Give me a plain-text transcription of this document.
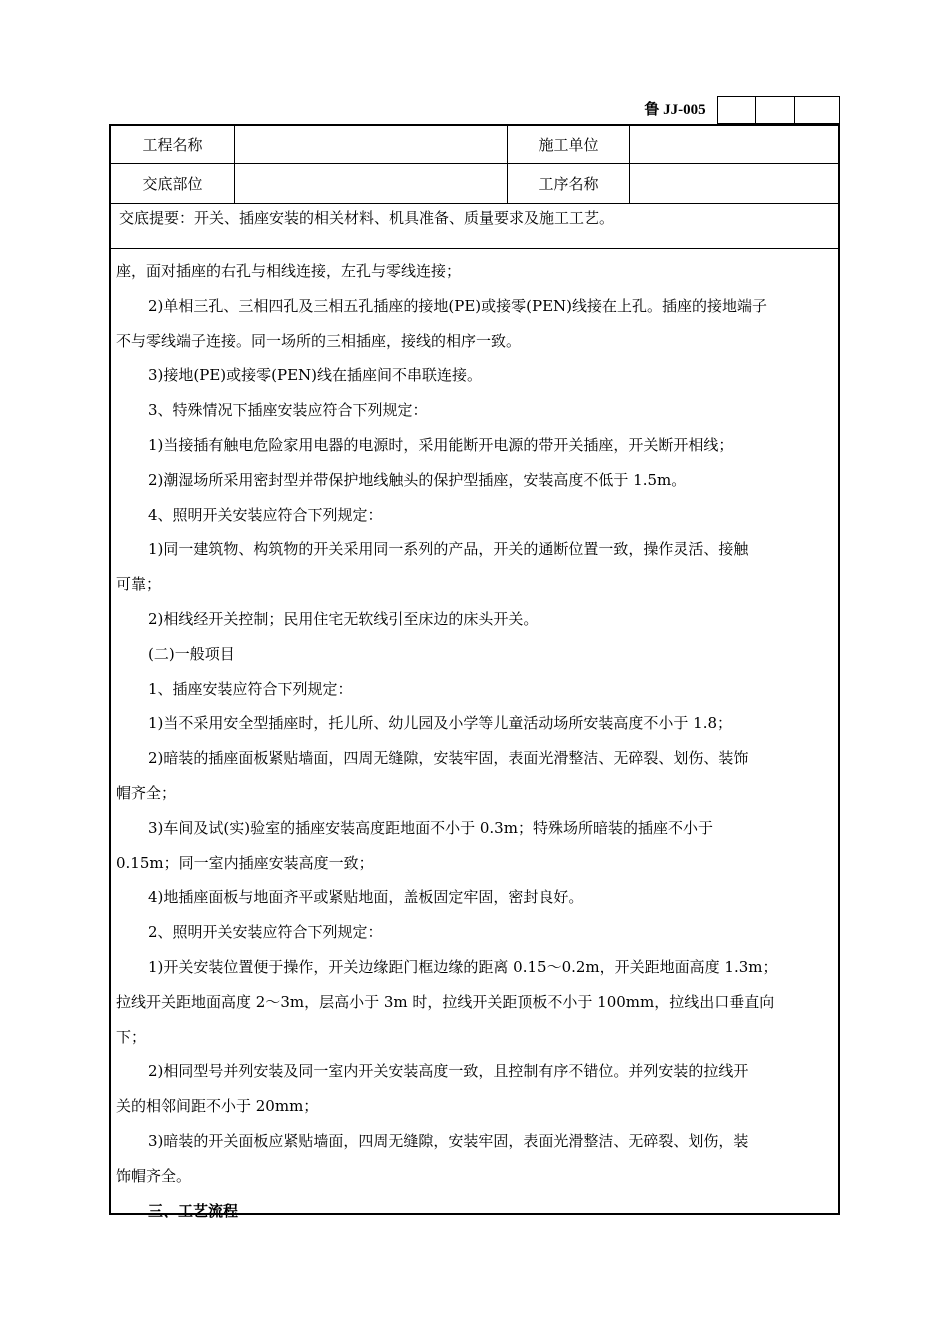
鲁 JJ-005
工程名称	施工单位
交底部位	工序名称
交底提要：开关、插座安装的相关材料、机具准备、质量要求及施工工艺。

座，面对插座的右孔与相线连接，左孔与零线连接；

2)单相三孔、三相四孔及三相五孔插座的接地(PE)或接零(PEN)线接在上孔。插座的接地端子

不与零线端子连接。同一场所的三相插座，接线的相序一致。

3)接地(PE)或接零(PEN)线在插座间不串联连接。

3、特殊情况下插座安装应符合下列规定：

1)当接插有触电危险家用电器的电源时，采用能断开电源的带开关插座，开关断开相线；

2)潮湿场所采用密封型并带保护地线触头的保护型插座，安装高度不低于 1.5m。

4、照明开关安装应符合下列规定：

1)同一建筑物、构筑物的开关采用同一系列的产品，开关的通断位置一致，操作灵活、接触

可靠；

2)相线经开关控制；民用住宅无软线引至床边的床头开关。

(二)一般项目

1、插座安装应符合下列规定：

1)当不采用安全型插座时，托儿所、幼儿园及小学等儿童活动场所安装高度不小于 1.8；

2)暗装的插座面板紧贴墙面，四周无缝隙，安装牢固，表面光滑整洁、无碎裂、划伤、装饰

帽齐全；

3)车间及试(实)验室的插座安装高度距地面不小于 0.3m；特殊场所暗装的插座不小于

0.15m；同一室内插座安装高度一致；

4)地插座面板与地面齐平或紧贴地面，盖板固定牢固，密封良好。

2、照明开关安装应符合下列规定：

1)开关安装位置便于操作，开关边缘距门框边缘的距离 0.15～0.2m，开关距地面高度 1.3m；

拉线开关距地面高度 2～3m，层高小于 3m 时，拉线开关距顶板不小于 100mm，拉线出口垂直向

下；

2)相同型号并列安装及同一室内开关安装高度一致，且控制有序不错位。并列安装的拉线开

关的相邻间距不小于 20mm；

3)暗装的开关面板应紧贴墙面，四周无缝隙，安装牢固，表面光滑整洁、无碎裂、划伤，装

饰帽齐全。

三、工艺流程
